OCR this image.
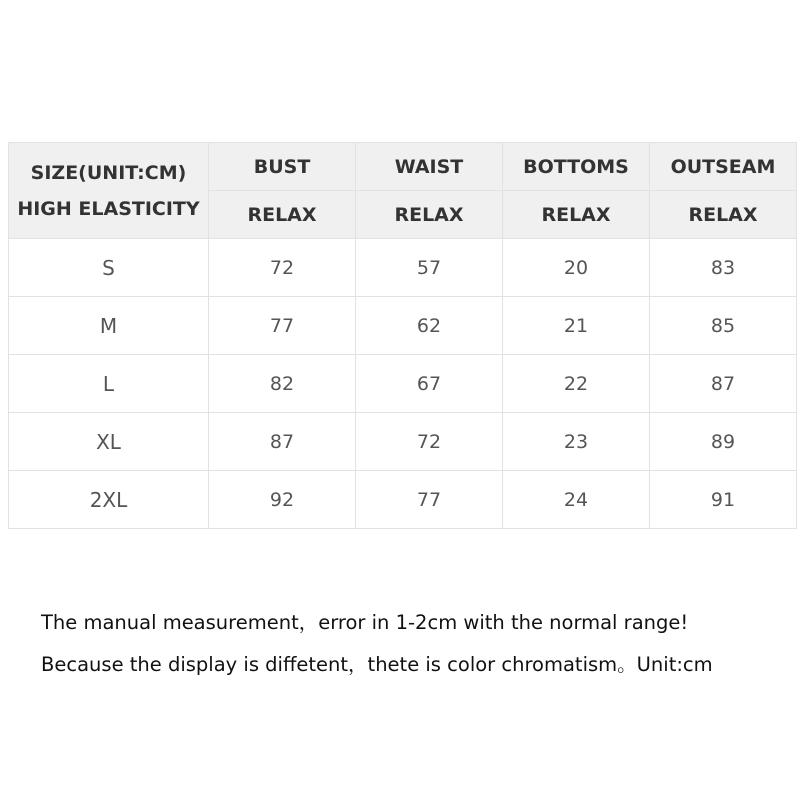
SIZE(UNIT:CM)
HIGH ELASTICITY	BUST	WAIST	BOTTOMS	OUTSEAM
	RELAX	RELAX	RELAX	RELAX
S	72	57	20	83
M	77	62	21	85
L	82	67	22	87
XL	87	72	23	89
2XL	92	77	24	91

The manual measurement，error in 1-2cm with the normal range!

Because the display is diffetent，thete is color chromatism。Unit:cm
